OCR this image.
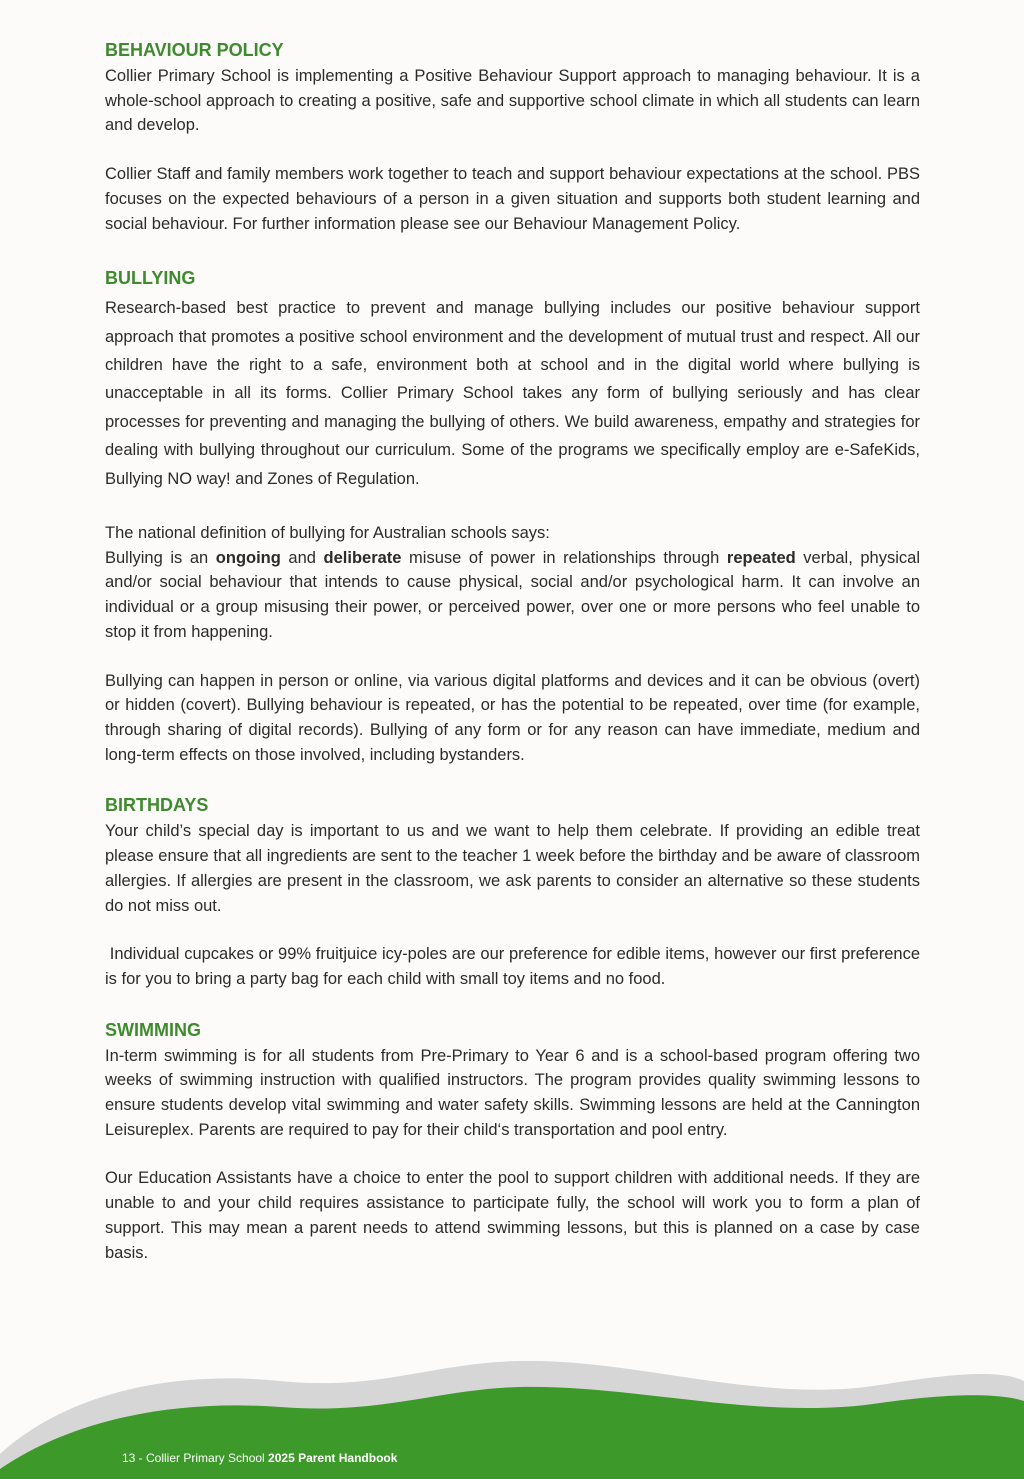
BEHAVIOUR POLICY

Collier Primary School is implementing a Positive Behaviour Support approach to managing behaviour. It is a whole-school approach to creating a positive, safe and supportive school climate in which all students can learn and develop.

Collier Staff and family members work together to teach and support behaviour expectations at the school. PBS focuses on the expected behaviours of a person in a given situation and supports both student learning and social behaviour. For further information please see our Behaviour Management Policy.

BULLYING

Research-based best practice to prevent and manage bullying includes our positive behaviour support approach that promotes a positive school environment and the development of mutual trust and respect. All our children have the right to a safe, environment both at school and in the digital world where bullying is unacceptable in all its forms. Collier Primary School takes any form of bullying seriously and has clear processes for preventing and managing the bullying of others. We build awareness, empathy and strategies for dealing with bullying throughout our curriculum. Some of the programs we specifically employ are e-SafeKids, Bullying NO way! and Zones of Regulation.

The national definition of bullying for Australian schools says:

Bullying is an ongoing and deliberate misuse of power in relationships through repeated verbal, physical and/or social behaviour that intends to cause physical, social and/or psychological harm. It can involve an individual or a group misusing their power, or perceived power, over one or more persons who feel unable to stop it from happening.

Bullying can happen in person or online, via various digital platforms and devices and it can be obvious (overt) or hidden (covert). Bullying behaviour is repeated, or has the potential to be repeated, over time (for example, through sharing of digital records). Bullying of any form or for any reason can have immediate, medium and long-term effects on those involved, including bystanders.

BIRTHDAYS

Your child’s special day is important to us and we want to help them celebrate. If providing an edible treat please ensure that all ingredients are sent to the teacher 1 week before the birthday and be aware of classroom allergies. If allergies are present in the classroom, we ask parents to consider an alternative so these students do not miss out.

Individual cupcakes or 99% fruitjuice icy-poles are our preference for edible items, however our first preference is for you to bring a party bag for each child with small toy items and no food.

SWIMMING

In-term swimming is for all students from Pre-Primary to Year 6 and is a school-based program offering two weeks of swimming instruction with qualified instructors. The program provides quality swimming lessons to ensure students develop vital swimming and water safety skills. Swimming lessons are held at the Cannington Leisureplex. Parents are required to pay for their child‘s transportation and pool entry.

Our Education Assistants have a choice to enter the pool to support children with additional needs. If they are unable to and your child requires assistance to participate fully, the school will work you to form a plan of support. This may mean a parent needs to attend swimming lessons, but this is planned on a case by case basis.

13 - Collier Primary School 2025 Parent Handbook
